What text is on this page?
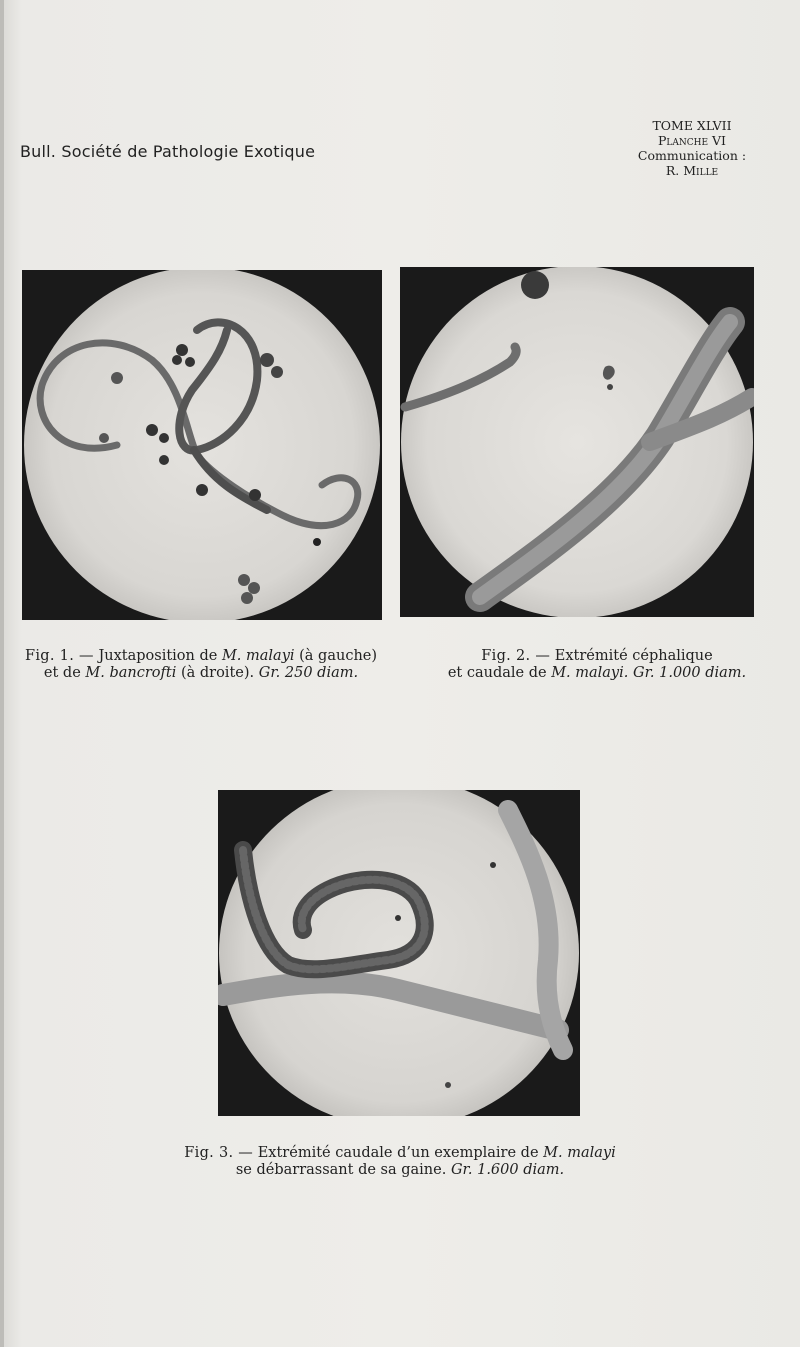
Bull. Société de Pathologie Exotique
TOME XLVII
Planche VI
Communication :
R. Mille
Fig. 1. — Juxtaposition de M. malayi (à gauche)
et de M. bancrofti (à droite). Gr. 250 diam.
Fig. 2. — Extrémité céphalique
et caudale de M. malayi. Gr. 1.000 diam.
Fig. 3. — Extrémité caudale d’un exemplaire de M. malayi
se débarrassant de sa gaine. Gr. 1.600 diam.
